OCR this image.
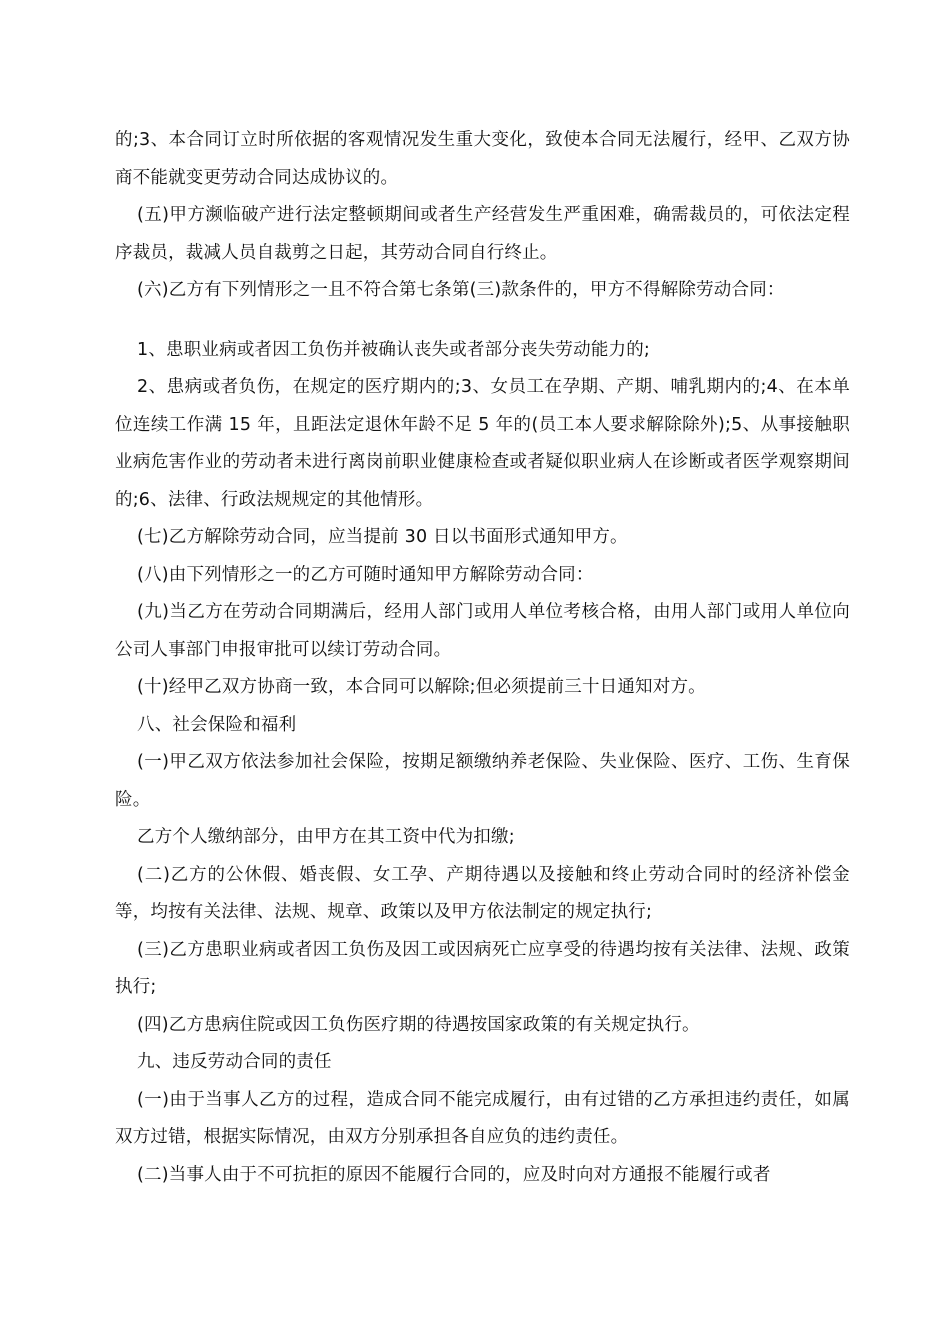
的;3、本合同订立时所依据的客观情况发生重大变化，致使本合同无法履行，经甲、乙双方协商不能就变更劳动合同达成协议的。

(五)甲方濒临破产进行法定整顿期间或者生产经营发生严重困难，确需裁员的，可依法定程序裁员，裁减人员自裁剪之日起，其劳动合同自行终止。

(六)乙方有下列情形之一且不符合第七条第(三)款条件的，甲方不得解除劳动合同：

1、患职业病或者因工负伤并被确认丧失或者部分丧失劳动能力的;

2、患病或者负伤，在规定的医疗期内的;3、女员工在孕期、产期、哺乳期内的;4、在本单位连续工作满 15 年，且距法定退休年龄不足 5 年的(员工本人要求解除除外);5、从事接触职业病危害作业的劳动者未进行离岗前职业健康检查或者疑似职业病人在诊断或者医学观察期间的;6、法律、行政法规规定的其他情形。

(七)乙方解除劳动合同，应当提前 30 日以书面形式通知甲方。

(八)由下列情形之一的乙方可随时通知甲方解除劳动合同：

(九)当乙方在劳动合同期满后，经用人部门或用人单位考核合格，由用人部门或用人单位向公司人事部门申报审批可以续订劳动合同。

(十)经甲乙双方协商一致，本合同可以解除;但必须提前三十日通知对方。

八、社会保险和福利

(一)甲乙双方依法参加社会保险，按期足额缴纳养老保险、失业保险、医疗、工伤、生育保险。

乙方个人缴纳部分，由甲方在其工资中代为扣缴;

(二)乙方的公休假、婚丧假、女工孕、产期待遇以及接触和终止劳动合同时的经济补偿金等，均按有关法律、法规、规章、政策以及甲方依法制定的规定执行;

(三)乙方患职业病或者因工负伤及因工或因病死亡应享受的待遇均按有关法律、法规、政策执行;

(四)乙方患病住院或因工负伤医疗期的待遇按国家政策的有关规定执行。

九、违反劳动合同的责任

(一)由于当事人乙方的过程，造成合同不能完成履行，由有过错的乙方承担违约责任，如属双方过错，根据实际情况，由双方分别承担各自应负的违约责任。

(二)当事人由于不可抗拒的原因不能履行合同的，应及时向对方通报不能履行或者
